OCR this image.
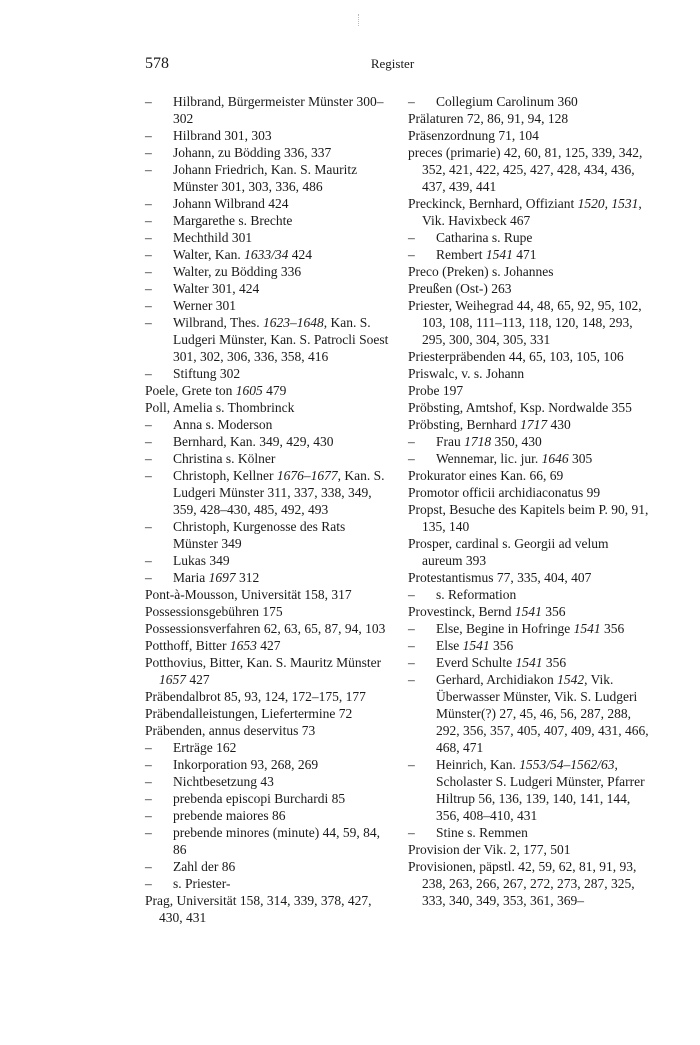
578	Register

– Hilbrand, Bürgermeister Münster 300–302

– Hilbrand 301, 303

– Johann, zu Bödding 336, 337

– Johann Friedrich, Kan. S. Mauritz Münster 301, 303, 336, 486

– Johann Wilbrand 424

– Margarethe s. Brechte

– Mechthild 301

– Walter, Kan. 1633/34 424

– Walter, zu Bödding 336

– Walter 301, 424

– Werner 301

– Wilbrand, Thes. 1623–1648, Kan. S. Ludgeri Münster, Kan. S. Patrocli Soest 301, 302, 306, 336, 358, 416

– Stiftung 302

Poele, Grete ton 1605 479

Poll, Amelia s. Thombrinck

– Anna s. Moderson

– Bernhard, Kan. 349, 429, 430

– Christina s. Kölner

– Christoph, Kellner 1676–1677, Kan. S. Ludgeri Münster 311, 337, 338, 349, 359, 428–430, 485, 492, 493

– Christoph, Kurgenosse des Rats Münster 349

– Lukas 349

– Maria 1697 312

Pont-à-Mousson, Universität 158, 317

Possessionsgebühren 175

Possessionsverfahren 62, 63, 65, 87, 94, 103

Potthoff, Bitter 1653 427

Potthovius, Bitter, Kan. S. Mauritz Münster 1657 427

Präbendalbrot 85, 93, 124, 172–175, 177

Präbendalleistungen, Liefertermine 72

Präbenden, annus deservitus 73

– Erträge 162

– Inkorporation 93, 268, 269

– Nichtbesetzung 43

– prebenda episcopi Burchardi 85

– prebende maiores 86

– prebende minores (minute) 44, 59, 84, 86

– Zahl der 86

– s. Priester-

Prag, Universität 158, 314, 339, 378, 427, 430, 431

– Collegium Carolinum 360

Prälaturen 72, 86, 91, 94, 128

Präsenzordnung 71, 104

preces (primarie) 42, 60, 81, 125, 339, 342, 352, 421, 422, 425, 427, 428, 434, 436, 437, 439, 441

Preckinck, Bernhard, Offiziant 1520, 1531, Vik. Havixbeck 467

– Catharina s. Rupe

– Rembert 1541 471

Preco (Preken) s. Johannes

Preußen (Ost-) 263

Priester, Weihegrad 44, 48, 65, 92, 95, 102, 103, 108, 111–113, 118, 120, 148, 293, 295, 300, 304, 305, 331

Priesterpräbenden 44, 65, 103, 105, 106

Priswalc, v. s. Johann

Probe 197

Pröbsting, Amtshof, Ksp. Nordwalde 355

Pröbsting, Bernhard 1717 430

– Frau 1718 350, 430

– Wennemar, lic. jur. 1646 305

Prokurator eines Kan. 66, 69

Promotor officii archidiaconatus 99

Propst, Besuche des Kapitels beim P. 90, 91, 135, 140

Prosper, cardinal s. Georgii ad velum aureum 393

Protestantismus 77, 335, 404, 407

– s. Reformation

Provestinck, Bernd 1541 356

– Else, Begine in Hofringe 1541 356

– Else 1541 356

– Everd Schulte 1541 356

– Gerhard, Archidiakon 1542, Vik. Überwasser Münster, Vik. S. Ludgeri Münster(?) 27, 45, 46, 56, 287, 288, 292, 356, 357, 405, 407, 409, 431, 466, 468, 471

– Heinrich, Kan. 1553/54–1562/63, Scholaster S. Ludgeri Münster, Pfarrer Hiltrup 56, 136, 139, 140, 141, 144, 356, 408–410, 431

– Stine s. Remmen

Provision der Vik. 2, 177, 501

Provisionen, päpstl. 42, 59, 62, 81, 91, 93, 238, 263, 266, 267, 272, 273, 287, 325, 333, 340, 349, 353, 361, 369–
